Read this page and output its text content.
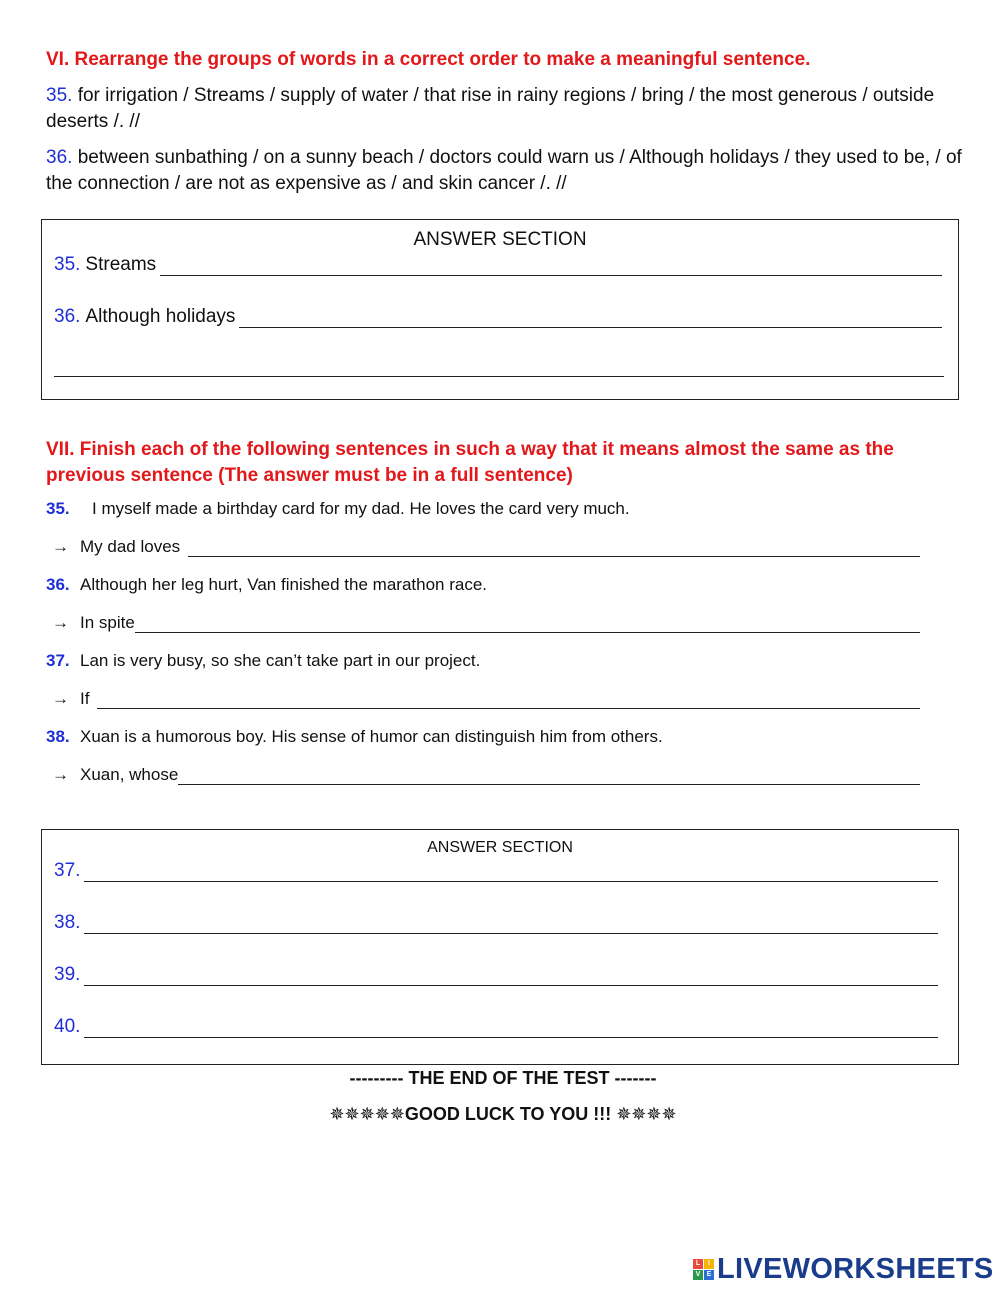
VI. Rearrange the groups of words in a correct order to make a meaningful sentence.
35. for irrigation / Streams / supply of water / that rise in rainy regions / bring / the most generous / outside deserts /. //
36. between sunbathing / on a sunny beach / doctors could warn us / Although holidays / they used to be, / of the connection / are not as expensive as / and skin cancer /. //
ANSWER SECTION
35. Streams
36. Although holidays
VII. Finish each of the following sentences in such a way that it means almost the same as the previous sentence (The answer must be in a full sentence)
35. I myself made a birthday card for my dad. He loves the card very much.
→ My dad loves
36. Although her leg hurt, Van finished the marathon race.
→ In spite
37. Lan is very busy, so she can’t take part in our project.
→ If
38. Xuan is a humorous boy. His sense of humor can distinguish him from others.
→ Xuan, whose
ANSWER SECTION
37.
38.
39.
40.
--------- THE END OF THE TEST -------
✵✵✵✵✵GOOD LUCK TO YOU !!! ✵✵✵✵
L	I
V E LIVEWORKSHEETS
